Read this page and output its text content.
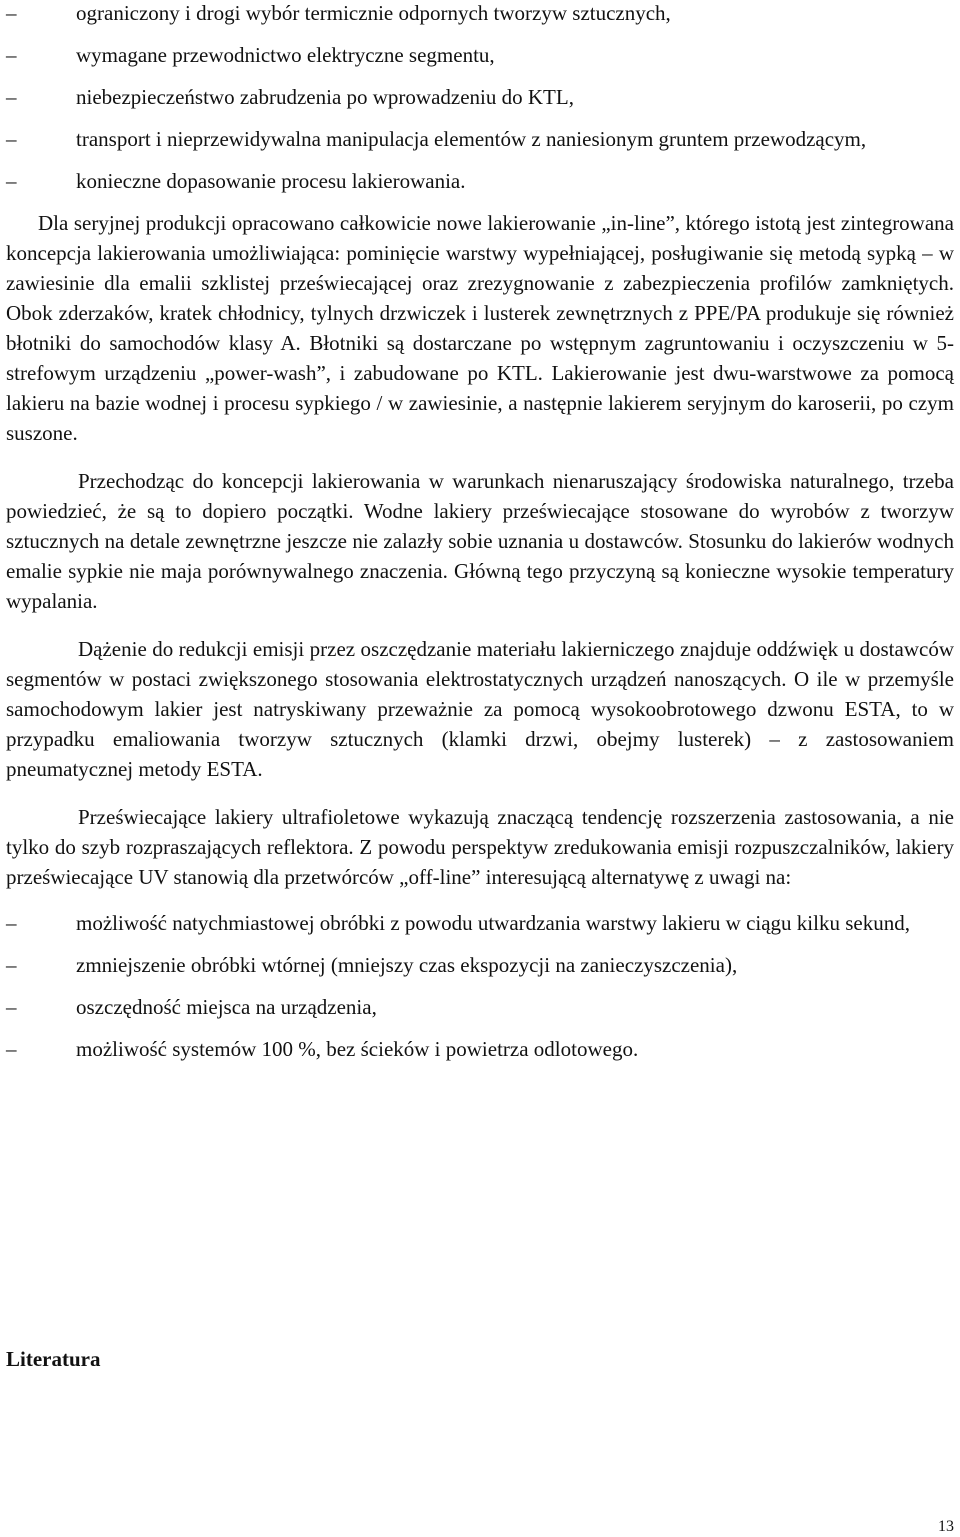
–	ograniczony i drogi wybór termicznie odpornych tworzyw sztucznych,
–	wymagane przewodnictwo elektryczne segmentu,
–	niebezpieczeństwo zabrudzenia po wprowadzeniu do KTL,
–	transport i nieprzewidywalna manipulacja elementów z naniesionym gruntem przewodzącym,
–	konieczne dopasowanie procesu lakierowania.

Dla seryjnej produkcji opracowano całkowicie nowe lakierowanie „in-line”, którego istotą jest zintegrowana koncepcja lakierowania umożliwiająca: pominięcie warstwy wypełniającej, posługiwanie się metodą sypką – w zawiesinie dla emalii szklistej przeświecającej oraz zrezygnowanie z zabezpieczenia profilów zamkniętych. Obok zderzaków, kratek chłodnicy, tylnych drzwiczek i lusterek zewnętrznych z PPE/PA produkuje się również błotniki do samochodów klasy A. Błotniki są dostarczane po wstępnym zagruntowaniu i oczyszczeniu w 5-strefowym urządzeniu „power-wash”, i zabudowane po KTL. Lakierowanie jest dwu-warstwowe za pomocą lakieru na bazie wodnej i procesu sypkiego / w zawiesinie, a następnie lakierem seryjnym do karoserii, po czym suszone.

Przechodząc do koncepcji lakierowania w warunkach nienaruszający środowiska naturalnego, trzeba powiedzieć, że są to dopiero początki. Wodne lakiery przeświecające stosowane do wyrobów z tworzyw sztucznych na detale zewnętrzne jeszcze nie zalazły sobie uznania u dostawców. Stosunku do lakierów wodnych emalie sypkie nie maja porównywalnego znaczenia. Główną tego przyczyną są konieczne wysokie temperatury wypalania.

Dążenie do redukcji emisji przez oszczędzanie materiału lakierniczego znajduje oddźwięk u dostawców segmentów w postaci zwiększonego stosowania elektrostatycznych urządzeń nanoszących. O ile w przemyśle samochodowym lakier jest natryskiwany przeważnie za pomocą wysokoobrotowego dzwonu ESTA, to w przypadku emaliowania tworzyw sztucznych (klamki drzwi, obejmy lusterek) – z zastosowaniem pneumatycznej metody ESTA.

Przeświecające lakiery ultrafioletowe wykazują znaczącą tendencję rozszerzenia zastosowania, a nie tylko do szyb rozpraszających reflektora. Z powodu perspektyw zredukowania emisji rozpuszczalników, lakiery przeświecające UV stanowią dla przetwórców „off-line” interesującą alternatywę z uwagi na:

–	możliwość natychmiastowej obróbki z powodu utwardzania warstwy lakieru w ciągu kilku sekund,
–	zmniejszenie obróbki wtórnej (mniejszy czas ekspozycji na zanieczyszczenia),
–	oszczędność miejsca na urządzenia,
–	możliwość systemów 100 %, bez ścieków i powietrza odlotowego.
Literatura
13
